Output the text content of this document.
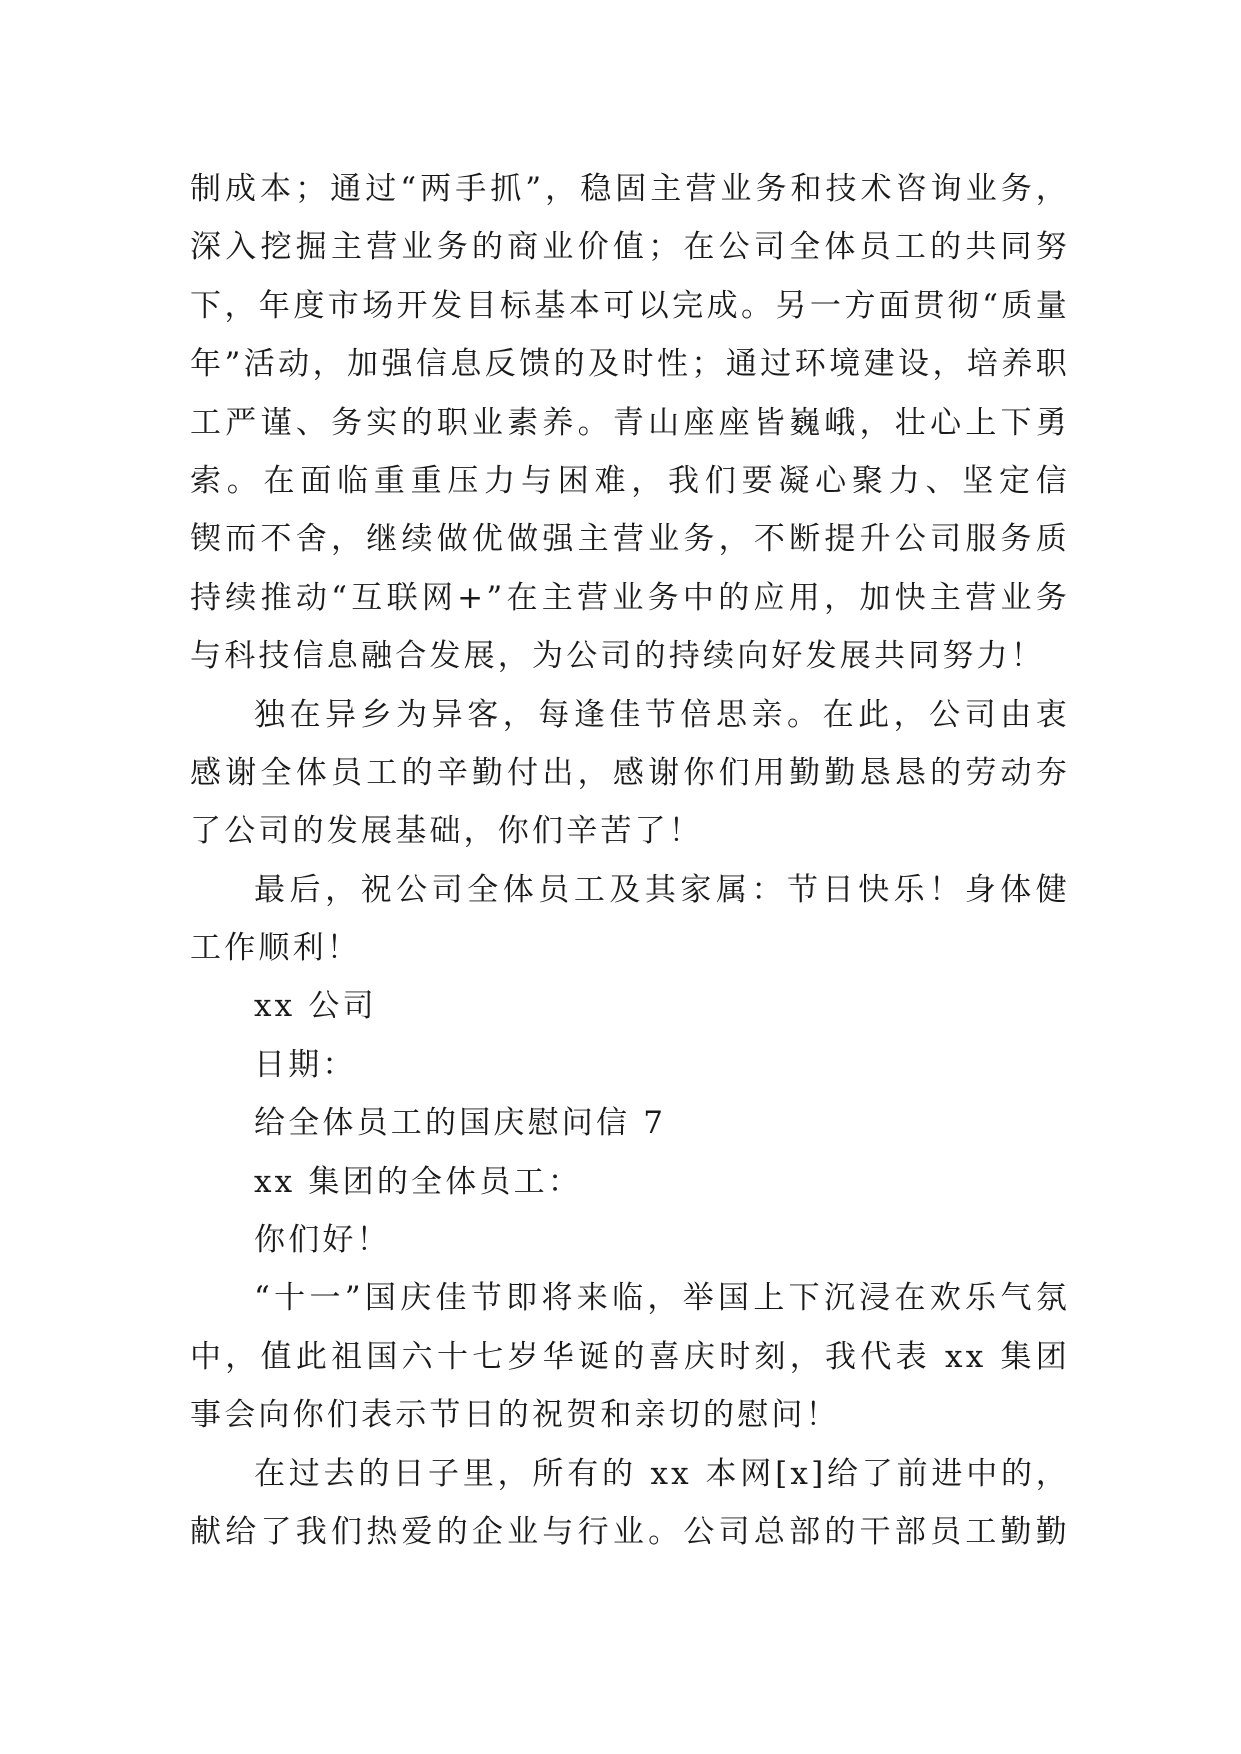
制成本；通过“两手抓”，稳固主营业务和技术咨询业务，
深入挖掘主营业务的商业价值；在公司全体员工的共同努
下，年度市场开发目标基本可以完成。另一方面贯彻“质量
年”活动，加强信息反馈的及时性；通过环境建设，培养职
工严谨、务实的职业素养。青山座座皆巍峨，壮心上下勇
索。在面临重重压力与困难，我们要凝心聚力、坚定信
锲而不舍，继续做优做强主营业务，不断提升公司服务质
持续推动“互联网+”在主营业务中的应用，加快主营业务
与科技信息融合发展，为公司的持续向好发展共同努力！
独在异乡为异客，每逢佳节倍思亲。在此，公司由衷
感谢全体员工的辛勤付出，感谢你们用勤勤恳恳的劳动夯
了公司的发展基础，你们辛苦了！
最后，祝公司全体员工及其家属：节日快乐！身体健
工作顺利！
xx 公司
日期：
给全体员工的国庆慰问信 7
xx 集团的全体员工：
你们好！
“十一”国庆佳节即将来临，举国上下沉浸在欢乐气氛
中，值此祖国六十七岁华诞的喜庆时刻，我代表 xx 集团
事会向你们表示节日的祝贺和亲切的慰问！
在过去的日子里，所有的 xx 本网[x]给了前进中的，
献给了我们热爱的企业与行业。公司总部的干部员工勤勤
